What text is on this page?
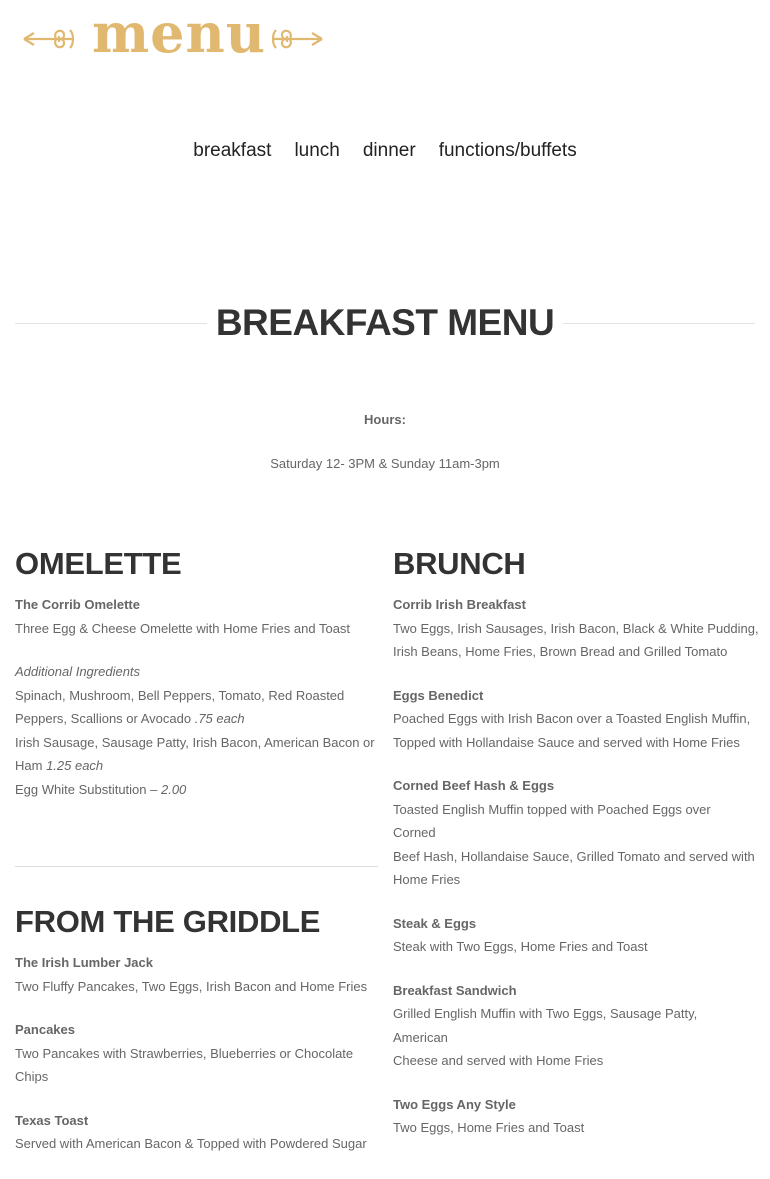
menu
breakfast lunch dinner functions/buffets
BREAKFAST MENU
Hours:
Saturday 12- 3PM & Sunday 11am-3pm
OMELETTE

The Corrib Omelette

Three Egg & Cheese Omelette with Home Fries and Toast

Additional Ingredients

Spinach, Mushroom, Bell Peppers, Tomato, Red Roasted Peppers, Scallions or Avocado .75 each

Irish Sausage, Sausage Patty, Irish Bacon, American Bacon or Ham 1.25 each

Egg White Substitution – 2.00

FROM THE GRIDDLE

The Irish Lumber Jack

Two Fluffy Pancakes, Two Eggs, Irish Bacon and Home Fries

Pancakes

Two Pancakes with Strawberries, Blueberries or Chocolate Chips

Texas Toast

Served with American Bacon & Topped with Powdered Sugar

BRUNCH

Corrib Irish Breakfast

Two Eggs, Irish Sausages, Irish Bacon, Black & White Pudding, Irish Beans, Home Fries, Brown Bread and Grilled Tomato

Eggs Benedict

Poached Eggs with Irish Bacon over a Toasted English Muffin, Topped with Hollandaise Sauce and served with Home Fries

Corned Beef Hash & Eggs

Toasted English Muffin topped with Poached Eggs over Corned

Beef Hash, Hollandaise Sauce, Grilled Tomato and served with Home Fries

Steak & Eggs

Steak with Two Eggs, Home Fries and Toast

Breakfast Sandwich

Grilled English Muffin with Two Eggs, Sausage Patty, American

Cheese and served with Home Fries

Two Eggs Any Style

Two Eggs, Home Fries and Toast
